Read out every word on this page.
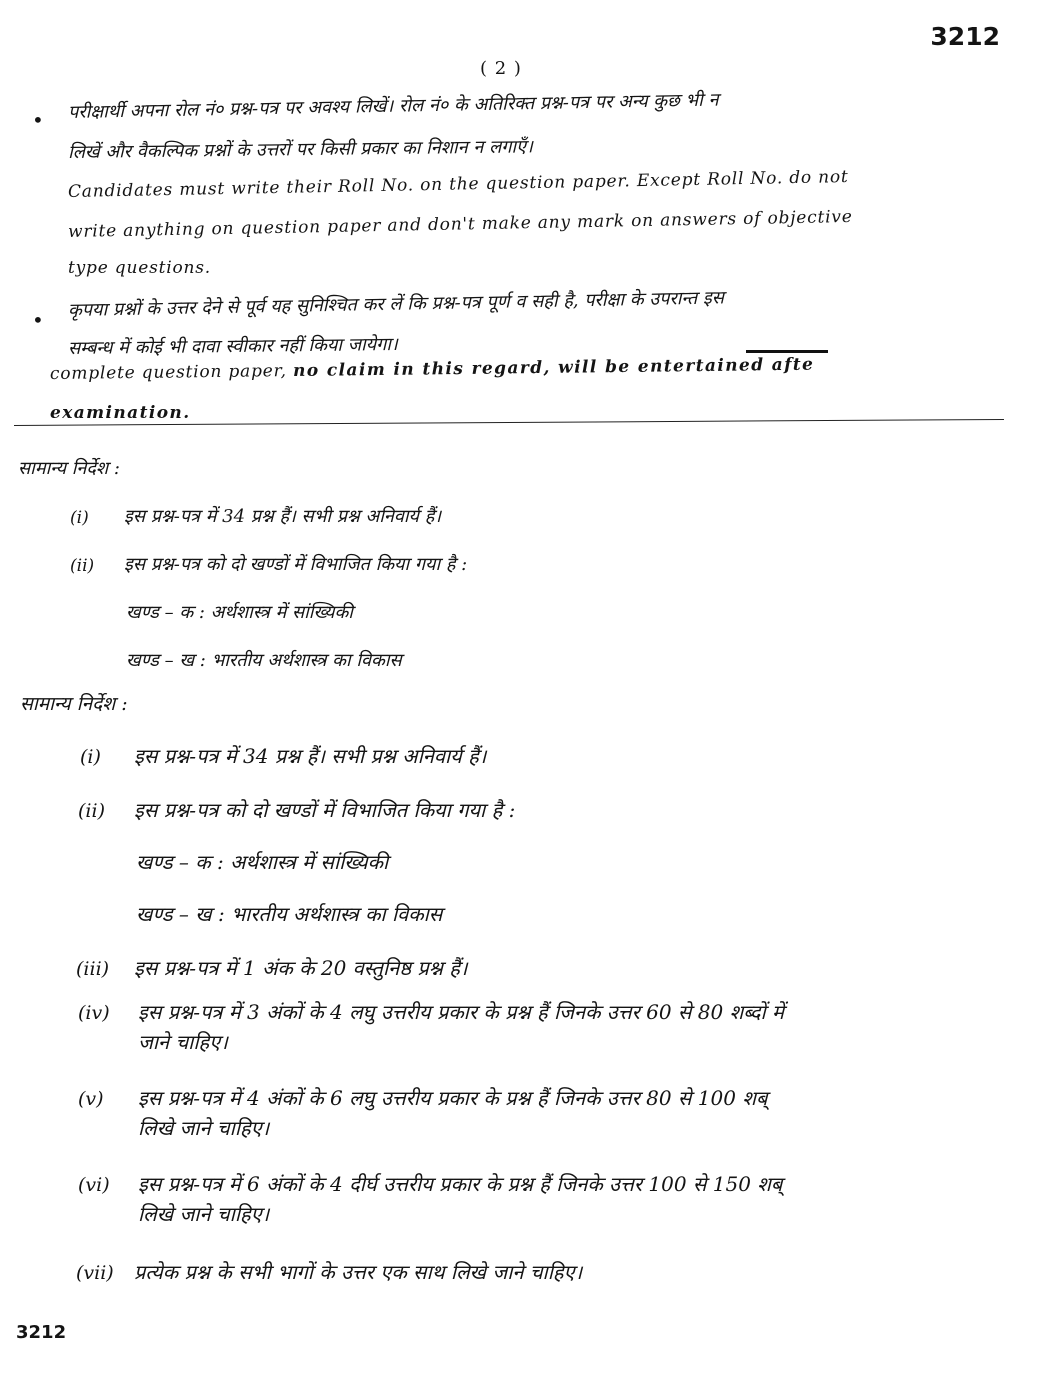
3212
( 2 )
• परीक्षार्थी अपना रोल नं० प्रश्न-पत्र पर अवश्य लिखें। रोल नं० के अतिरिक्त प्रश्न-पत्र पर अन्य कुछ भी न
लिखें और वैकल्पिक प्रश्नों के उत्तरों पर किसी प्रकार का निशान न लगाएँ।
Candidates must write their Roll No. on the question paper. Except Roll No. do not
write anything on question paper and don't make any mark on answers of objective
type questions.
• कृपया प्रश्नों के उत्तर देने से पूर्व यह सुनिश्चित कर लें कि प्रश्न-पत्र पूर्ण व सही है, परीक्षा के उपरान्त इस
सम्बन्ध में कोई भी दावा स्वीकार नहीं किया जायेगा।
complete question paper, no claim in this regard, will be entertained afte
examination.
सामान्य निर्देश :
(i) इस प्रश्न-पत्र में 34 प्रश्न हैं। सभी प्रश्न अनिवार्य हैं।
(ii) इस प्रश्न-पत्र को दो खण्डों में विभाजित किया गया है :
खण्ड – क : अर्थशास्त्र में सांख्यिकी
खण्ड – ख : भारतीय अर्थशास्त्र का विकास
सामान्य निर्देश :
(i) इस प्रश्न-पत्र में 34 प्रश्न हैं। सभी प्रश्न अनिवार्य हैं।
(ii) इस प्रश्न-पत्र को दो खण्डों में विभाजित किया गया है :
खण्ड – क : अर्थशास्त्र में सांख्यिकी
खण्ड – ख : भारतीय अर्थशास्त्र का विकास
(iii) इस प्रश्न-पत्र में 1 अंक के 20 वस्तुनिष्ठ प्रश्न हैं।
(iv) इस प्रश्न-पत्र में 3 अंकों के 4 लघु उत्तरीय प्रकार के प्रश्न हैं जिनके उत्तर 60 से 80 शब्दों में
जाने चाहिए।
(v) इस प्रश्न-पत्र में 4 अंकों के 6 लघु उत्तरीय प्रकार के प्रश्न हैं जिनके उत्तर 80 से 100 शब्
लिखे जाने चाहिए।
(vi) इस प्रश्न-पत्र में 6 अंकों के 4 दीर्घ उत्तरीय प्रकार के प्रश्न हैं जिनके उत्तर 100 से 150 शब्
लिखे जाने चाहिए।
(vii) प्रत्येक प्रश्न के सभी भागों के उत्तर एक साथ लिखे जाने चाहिए।
3212
